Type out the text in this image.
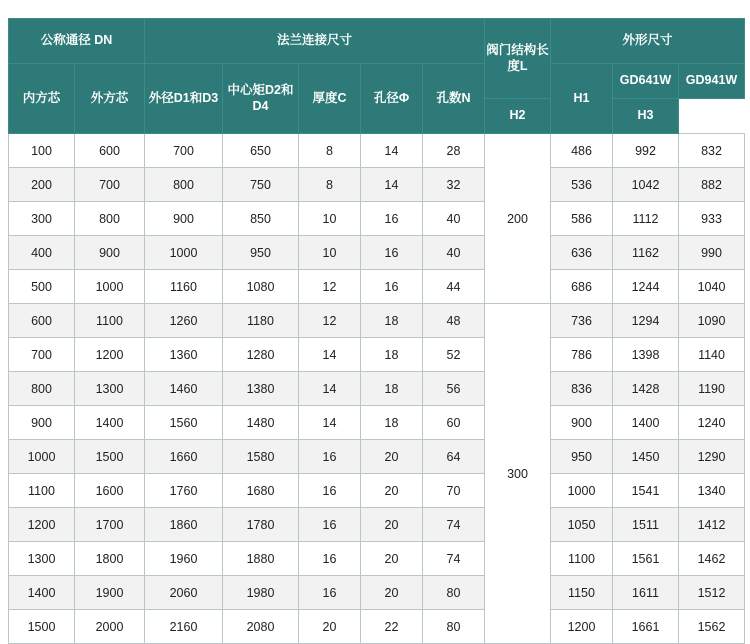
公称通径 DN		法兰连接尺寸					阀门结构长度L	外形尺寸		
内方芯	外方芯	外径D1和D3	中心矩D2和D4	厚度C	孔径Φ	孔数N		H1	GD641W	GD941W
							H2		H3	
100	600	700	650	8	14	28	200	486	992	832
200	700	800	750	8	14	32		536	1042	882
300	800	900	850	10	16	40		586	1112	933
400	900	1000	950	10	16	40		636	1162	990
500	1000	1160	1080	12	16	44		686	1244	1040
600	1100	1260	1180	12	18	48	300	736	1294	1090
700	1200	1360	1280	14	18	52		786	1398	1140
800	1300	1460	1380	14	18	56		836	1428	1190
900	1400	1560	1480	14	18	60		900	1400	1240
1000	1500	1660	1580	16	20	64		950	1450	1290
1100	1600	1760	1680	16	20	70		1000	1541	1340
1200	1700	1860	1780	16	20	74		1050	1511	1412
1300	1800	1960	1880	16	20	74		1100	1561	1462
1400	1900	2060	1980	16	20	80		1150	1611	1512
1500	2000	2160	2080	20	22	80		1200	1661	1562
